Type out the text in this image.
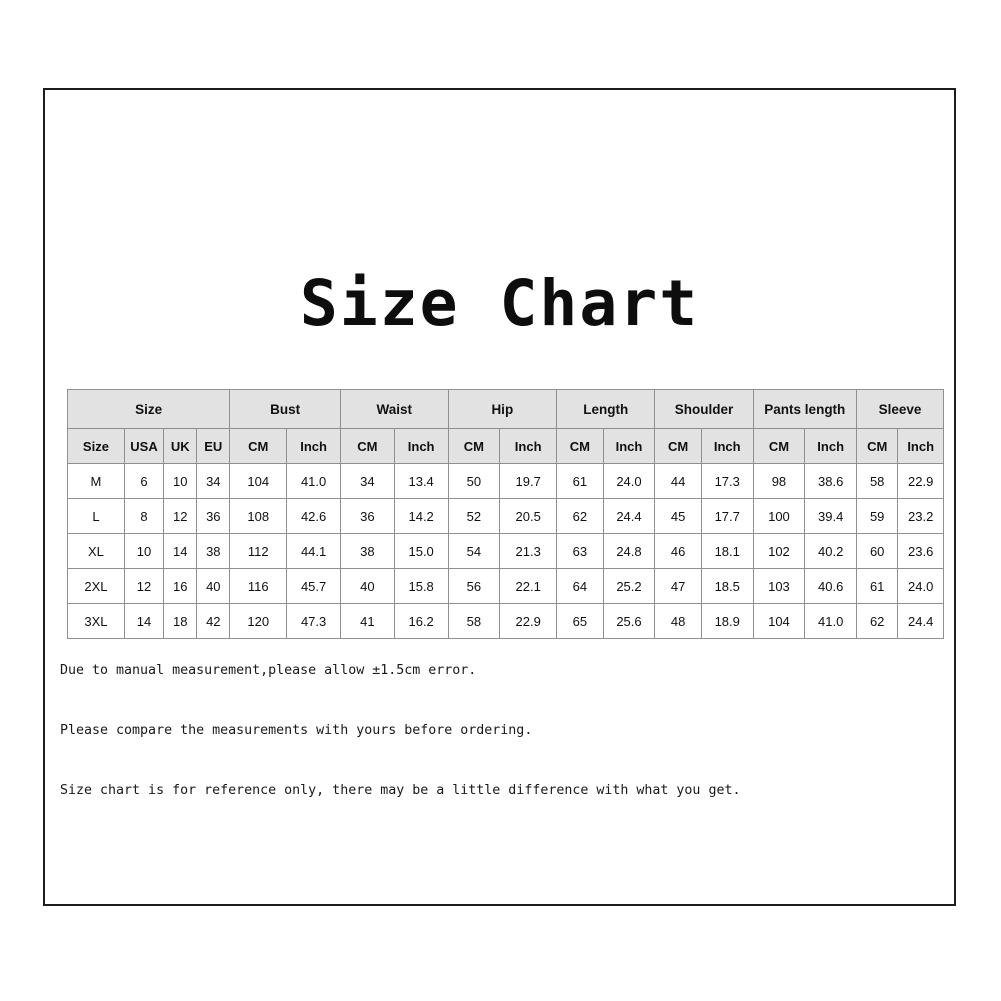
Size Chart
Size				Bust		Waist		Hip		Length		Shoulder		Pants length		Sleeve	
Size	USA	UK	EU	CM	Inch	CM	Inch	CM	Inch	CM	Inch	CM	Inch	CM	Inch	CM	Inch
M	6	10	34	104	41.0	34	13.4	50	19.7	61	24.0	44	17.3	98	38.6	58	22.9
L	8	12	36	108	42.6	36	14.2	52	20.5	62	24.4	45	17.7	100	39.4	59	23.2
XL	10	14	38	112	44.1	38	15.0	54	21.3	63	24.8	46	18.1	102	40.2	60	23.6
2XL	12	16	40	116	45.7	40	15.8	56	22.1	64	25.2	47	18.5	103	40.6	61	24.0
3XL	14	18	42	120	47.3	41	16.2	58	22.9	65	25.6	48	18.9	104	41.0	62	24.4

Due to manual measurement,please allow ±1.5cm error.

Please compare the measurements with yours before ordering.

Size chart is for reference only, there may be a little difference with what you get.
